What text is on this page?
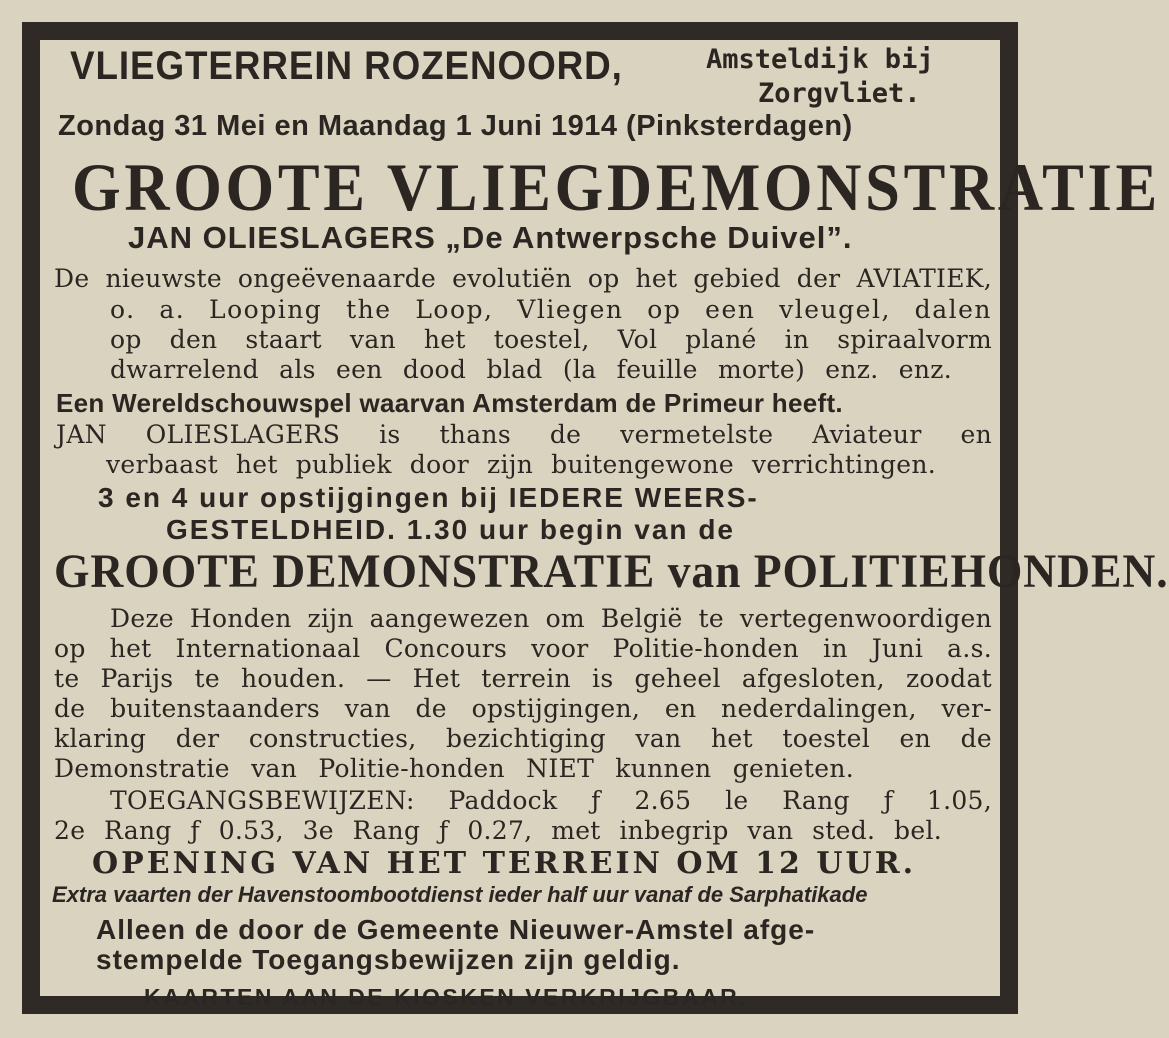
VLIEGTERREIN ROZENOORD,	Amsteldijk bij
Zorgvliet.
Zondag 31 Mei en Maandag 1 Juni 1914 (Pinksterdagen)
GROOTE VLIEGDEMONSTRATIE
JAN OLIESLAGERS „De Antwerpsche Duivel”.
De nieuwste ongeëvenaarde evolutiën op het gebied der AVIATIEK,
o. a. Looping the Loop, Vliegen op een vleugel, dalen
op den staart van het toestel, Vol plané in spiraalvorm
dwarrelend als een dood blad (la feuille morte) enz. enz.
Een Wereldschouwspel waarvan Amsterdam de Primeur heeft.
JAN OLIESLAGERS is thans de vermetelste Aviateur en
verbaast het publiek door zijn buitengewone verrichtingen.
3 en 4 uur opstijgingen bij IEDERE WEERS-
GESTELDHEID. 1.30 uur begin van de
GROOTE DEMONSTRATIE van POLITIEHONDEN.
Deze Honden zijn aangewezen om België te vertegenwoordigen
op het Internationaal Concours voor Politie-honden in Juni a.s.
te Parijs te houden. — Het terrein is geheel afgesloten, zoodat
de buitenstaanders van de opstijgingen, en nederdalingen, ver-
klaring der constructies, bezichtiging van het toestel en de
Demonstratie van Politie-honden NIET kunnen genieten.
TOEGANGSBEWIJZEN: Paddock ƒ 2.65 le Rang ƒ 1.05,
2e Rang ƒ 0.53, 3e Rang ƒ 0.27, met inbegrip van sted. bel.
OPENING VAN HET TERREIN OM 12 UUR.
Extra vaarten der Havenstoombootdienst ieder half uur vanaf de Sarphatikade
Alleen de door de Gemeente Nieuwer-Amstel afge-
stempelde Toegangsbewijzen zijn geldig.
KAARTEN AAN DE KIOSKEN VERKRIJGBAAR.
